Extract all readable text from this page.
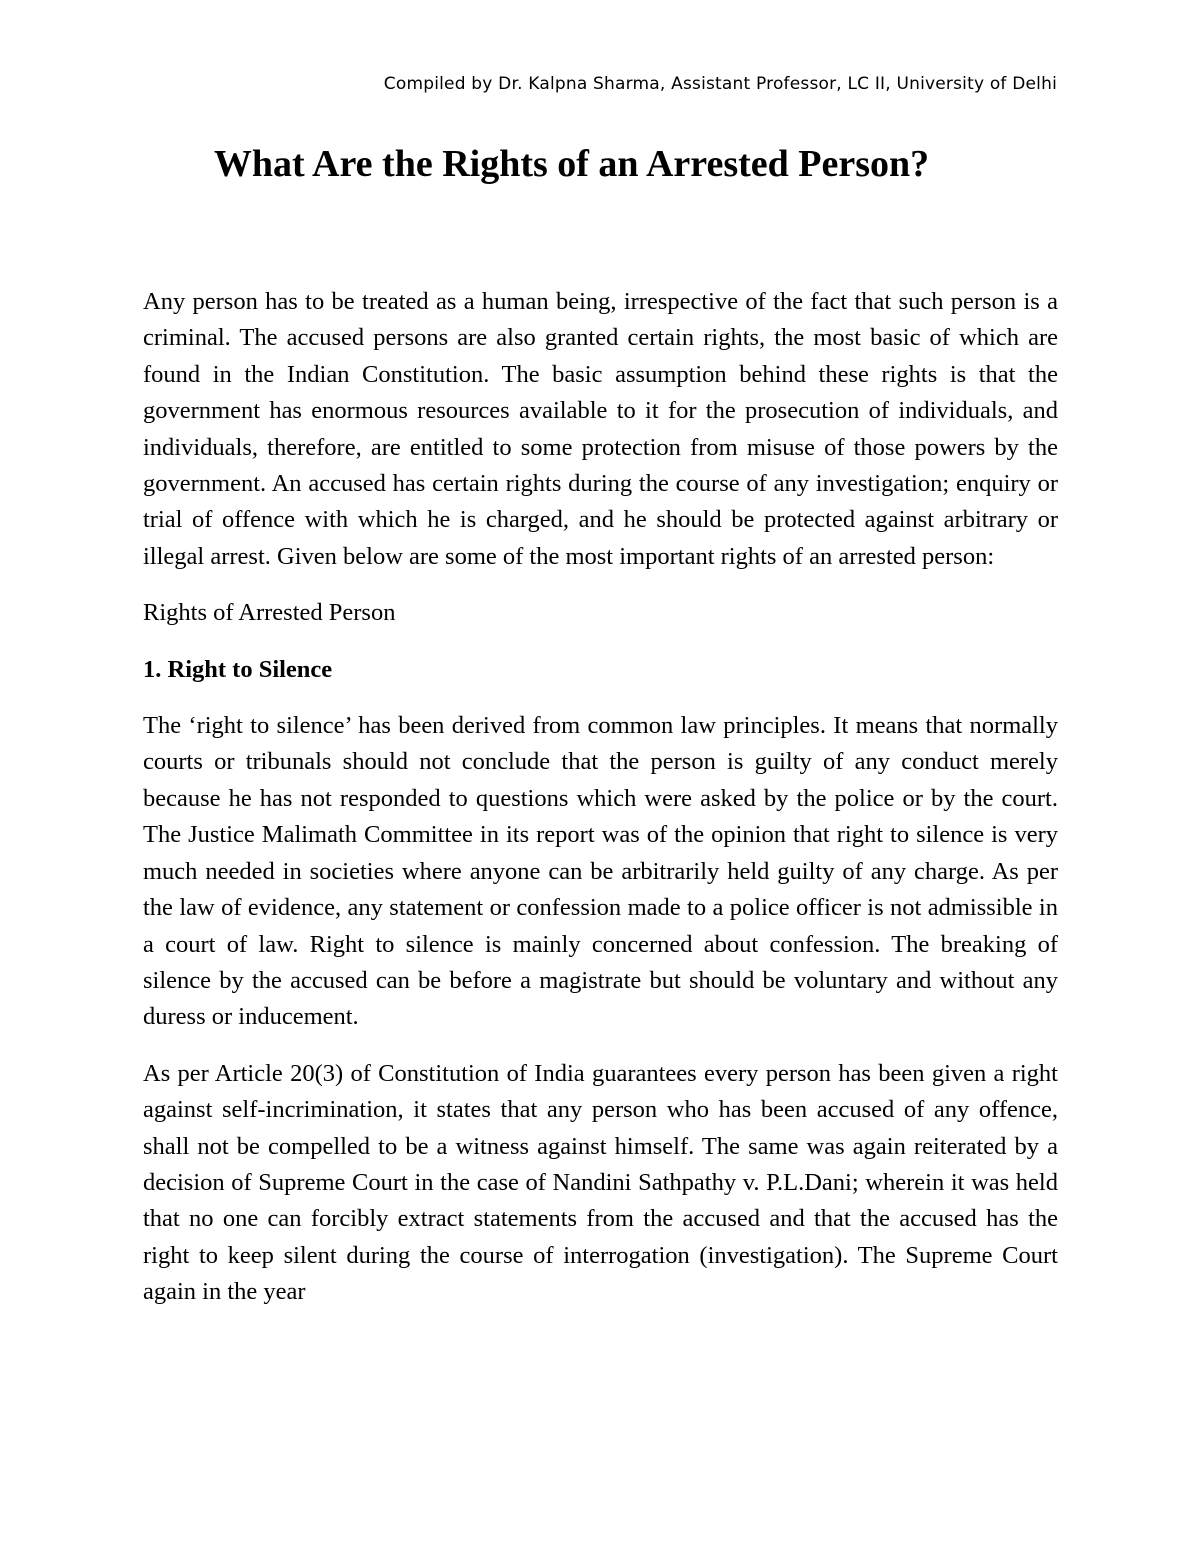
Compiled by Dr. Kalpna Sharma, Assistant Professor, LC II, University of Delhi
What Are the Rights of an Arrested Person?

Any person has to be treated as a human being, irrespective of the fact that such person is a criminal. The accused persons are also granted certain rights, the most basic of which are found in the Indian Constitution. The basic assumption behind these rights is that the government has enormous resources available to it for the prosecution of individuals, and individuals, therefore, are entitled to some protection from misuse of those powers by the government. An accused has certain rights during the course of any investigation; enquiry or trial of offence with which he is charged, and he should be protected against arbitrary or illegal arrest. Given below are some of the most important rights of an arrested person:

Rights of Arrested Person

1. Right to Silence

The ‘right to silence’ has been derived from common law principles. It means that normally courts or tribunals should not conclude that the person is guilty of any conduct merely because he has not responded to questions which were asked by the police or by the court. The Justice Malimath Committee in its report was of the opinion that right to silence is very much needed in societies where anyone can be arbitrarily held guilty of any charge. As per the law of evidence, any statement or confession made to a police officer is not admissible in a court of law. Right to silence is mainly concerned about confession. The breaking of silence by the accused can be before a magistrate but should be voluntary and without any duress or inducement.

As per Article 20(3) of Constitution of India guarantees every person has been given a right against self-incrimination, it states that any person who has been accused of any offence, shall not be compelled to be a witness against himself. The same was again reiterated by a decision of Supreme Court in the case of Nandini Sathpathy v. P.L.Dani; wherein it was held that no one can forcibly extract statements from the accused and that the accused has the right to keep silent during the course of interrogation (investigation). The Supreme Court again in the year
